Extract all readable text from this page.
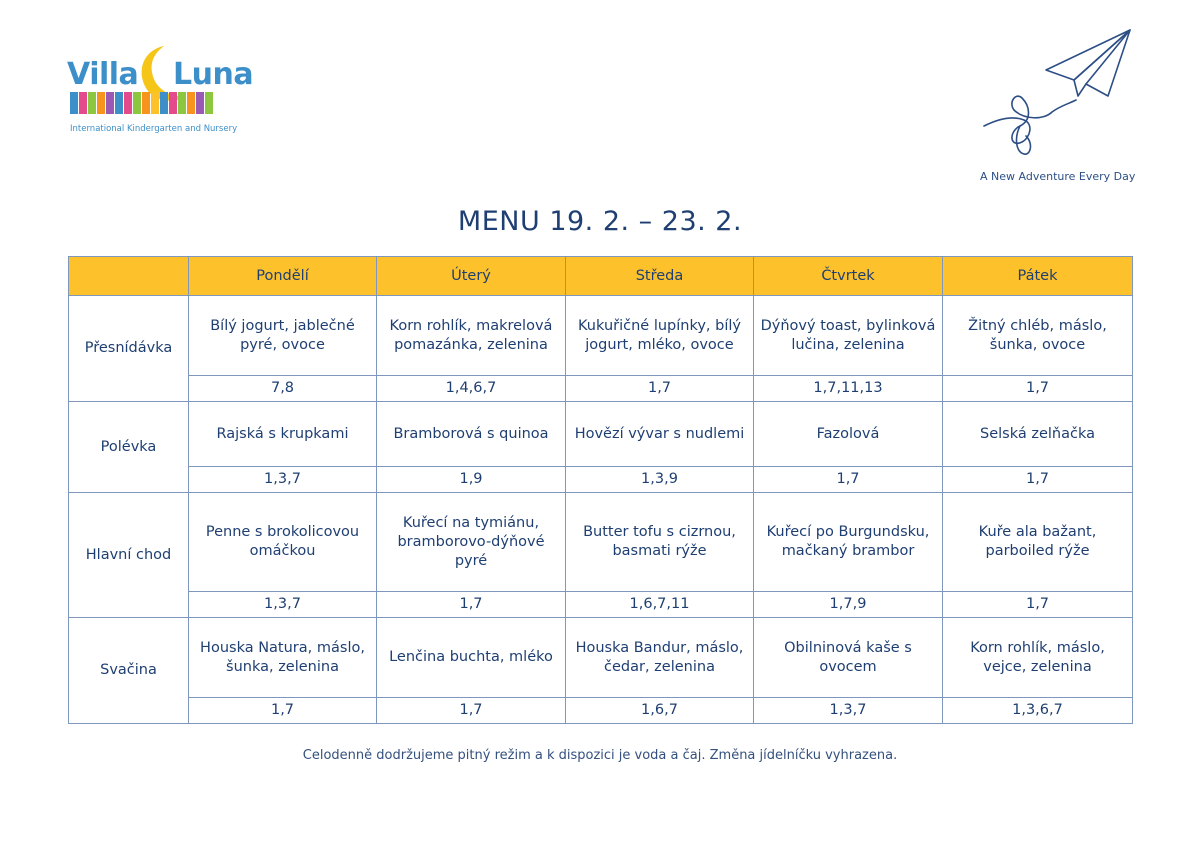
Villa Luna
International Kindergarten and Nursery
A New Adventure Every Day
MENU 19. 2. – 23. 2.
	Pondělí	Úterý	Středa	Čtvrtek	Pátek
Přesnídávka	Bílý jogurt, jablečné pyré, ovoce	Korn rohlík, makrelová pomazánka, zelenina	Kukuřičné lupínky, bílý jogurt, mléko, ovoce	Dýňový toast, bylinková lučina, zelenina	Žitný chléb, máslo, šunka, ovoce
	7,8	1,4,6,7	1,7	1,7,11,13	1,7
Polévka	Rajská s krupkami	Bramborová s quinoa	Hovězí vývar s nudlemi	Fazolová	Selská zelňačka
	1,3,7	1,9	1,3,9	1,7	1,7
Hlavní chod	Penne s brokolicovou omáčkou	Kuřecí na tymiánu, bramborovo-dýňové pyré	Butter tofu s cizrnou, basmati rýže	Kuřecí po Burgundsku, mačkaný brambor	Kuře ala bažant, parboiled rýže
	1,3,7	1,7	1,6,7,11	1,7,9	1,7
Svačina	Houska Natura, máslo, šunka, zelenina	Lenčina buchta, mléko	Houska Bandur, máslo, čedar, zelenina	Obilninová kaše s ovocem	Korn rohlík, máslo, vejce, zelenina
	1,7	1,7	1,6,7	1,3,7	1,3,6,7
Celodenně dodržujeme pitný režim a k dispozici je voda a čaj. Změna jídelníčku vyhrazena.
